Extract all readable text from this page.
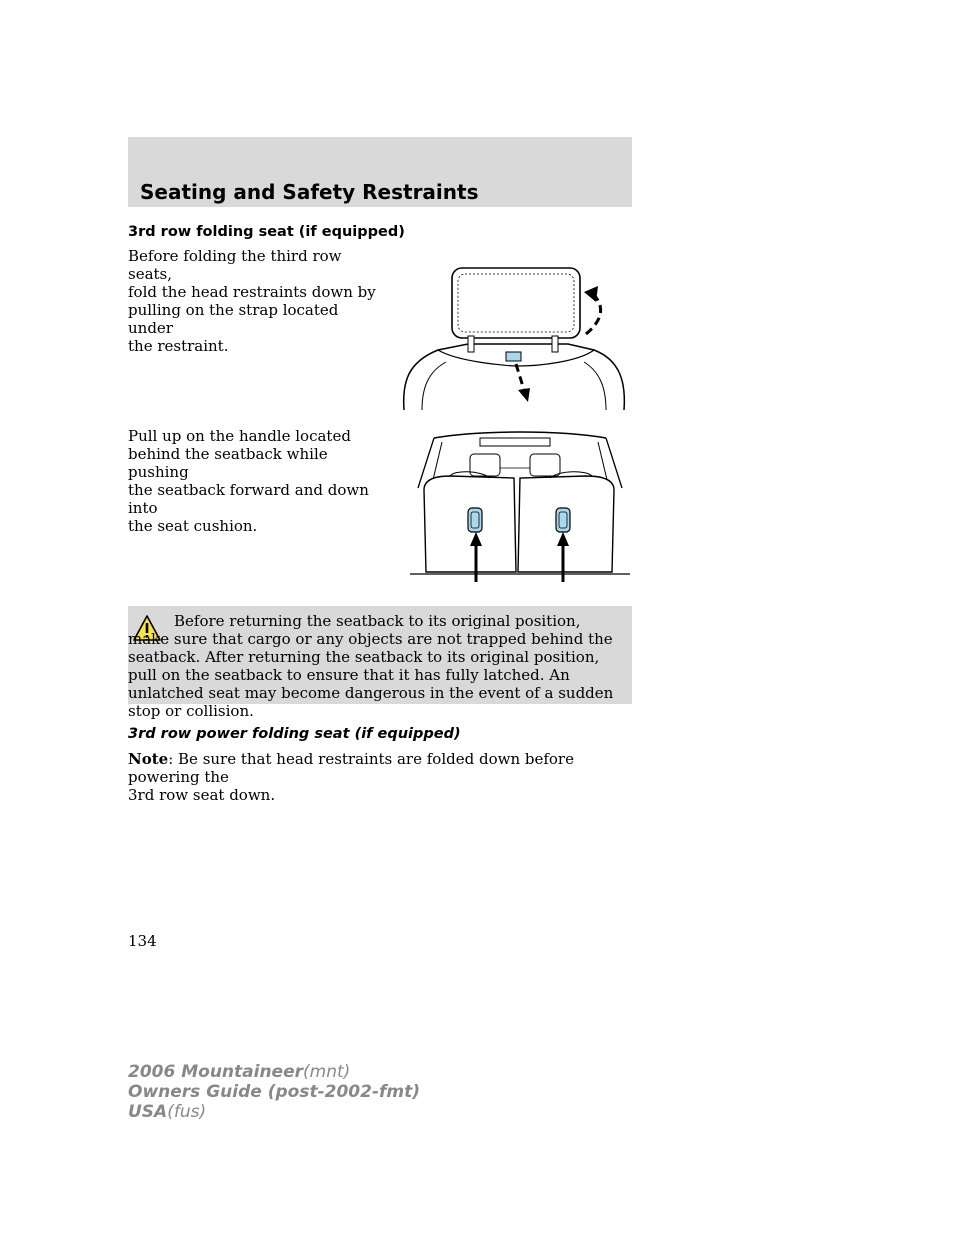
Seating and Safety Restraints
3rd row folding seat (if equipped)
Before folding the third row seats,
fold the head restraints down by
pulling on the strap located under
the restraint.
Pull up on the handle located
behind the seatback while pushing
the seatback forward and down into
the seat cushion.
Before returning the seatback to its original position, make sure that cargo or any objects are not trapped behind the seatback. After returning the seatback to its original position, pull on the seatback to ensure that it has fully latched. An unlatched seat may become dangerous in the event of a sudden stop or collision.
3rd row power folding seat (if equipped)
Note: Be sure that head restraints are folded down before powering the
3rd row seat down.
134
2006 Mountaineer(mnt)
Owners Guide (post-2002-fmt)
USA(fus)
